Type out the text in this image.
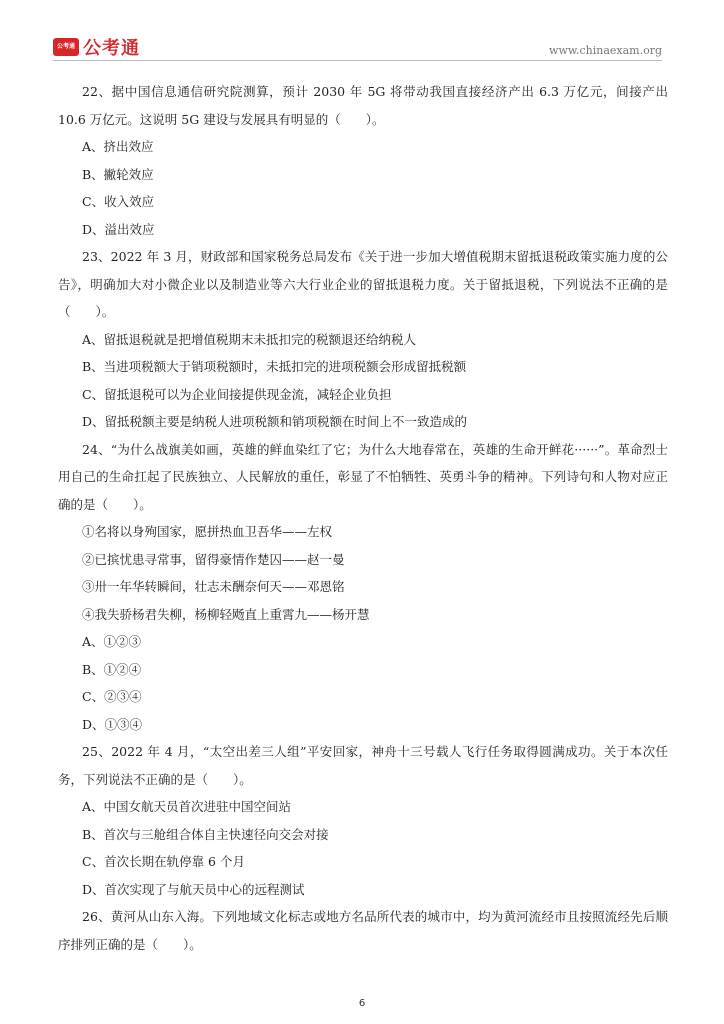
公考通 公考通	www.chinaexam.org

22、据中国信息通信研究院测算，预计 2030 年 5G 将带动我国直接经济产出 6.3 万亿元，间接产出 10.6 万亿元。这说明 5G 建设与发展具有明显的（　　）。

A、挤出效应

B、撇轮效应

C、收入效应

D、溢出效应

23、2022 年 3 月，财政部和国家税务总局发布《关于进一步加大增值税期末留抵退税政策实施力度的公告》，明确加大对小微企业以及制造业等六大行业企业的留抵退税力度。关于留抵退税，下列说法不正确的是（　　）。

A、留抵退税就是把增值税期末未抵扣完的税额退还给纳税人

B、当进项税额大于销项税额时，未抵扣完的进项税额会形成留抵税额

C、留抵退税可以为企业间接提供现金流，减轻企业负担

D、留抵税额主要是纳税人进项税额和销项税额在时间上不一致造成的

24、“为什么战旗美如画，英雄的鲜血染红了它；为什么大地春常在，英雄的生命开鲜花······”。革命烈士用自己的生命扛起了民族独立、人民解放的重任，彰显了不怕牺牲、英勇斗争的精神。下列诗句和人物对应正确的是（　　）。

①名将以身殉国家，愿拼热血卫吾华——左权

②已摈忧患寻常事，留得豪情作楚囚——赵一曼

③卅一年华转瞬间，壮志未酬奈何天——邓恩铭

④我失骄杨君失柳，杨柳轻飏直上重霄九——杨开慧

A、①②③

B、①②④

C、②③④

D、①③④

25、2022 年 4 月，“太空出差三人组”平安回家，神舟十三号载人飞行任务取得圆满成功。关于本次任务，下列说法不正确的是（　　）。

A、中国女航天员首次进驻中国空间站

B、首次与三舱组合体自主快速径向交会对接

C、首次长期在轨停靠 6 个月

D、首次实现了与航天员中心的远程测试

26、黄河从山东入海。下列地域文化标志或地方名品所代表的城市中，均为黄河流经市且按照流经先后顺序排列正确的是（　　）。

6
